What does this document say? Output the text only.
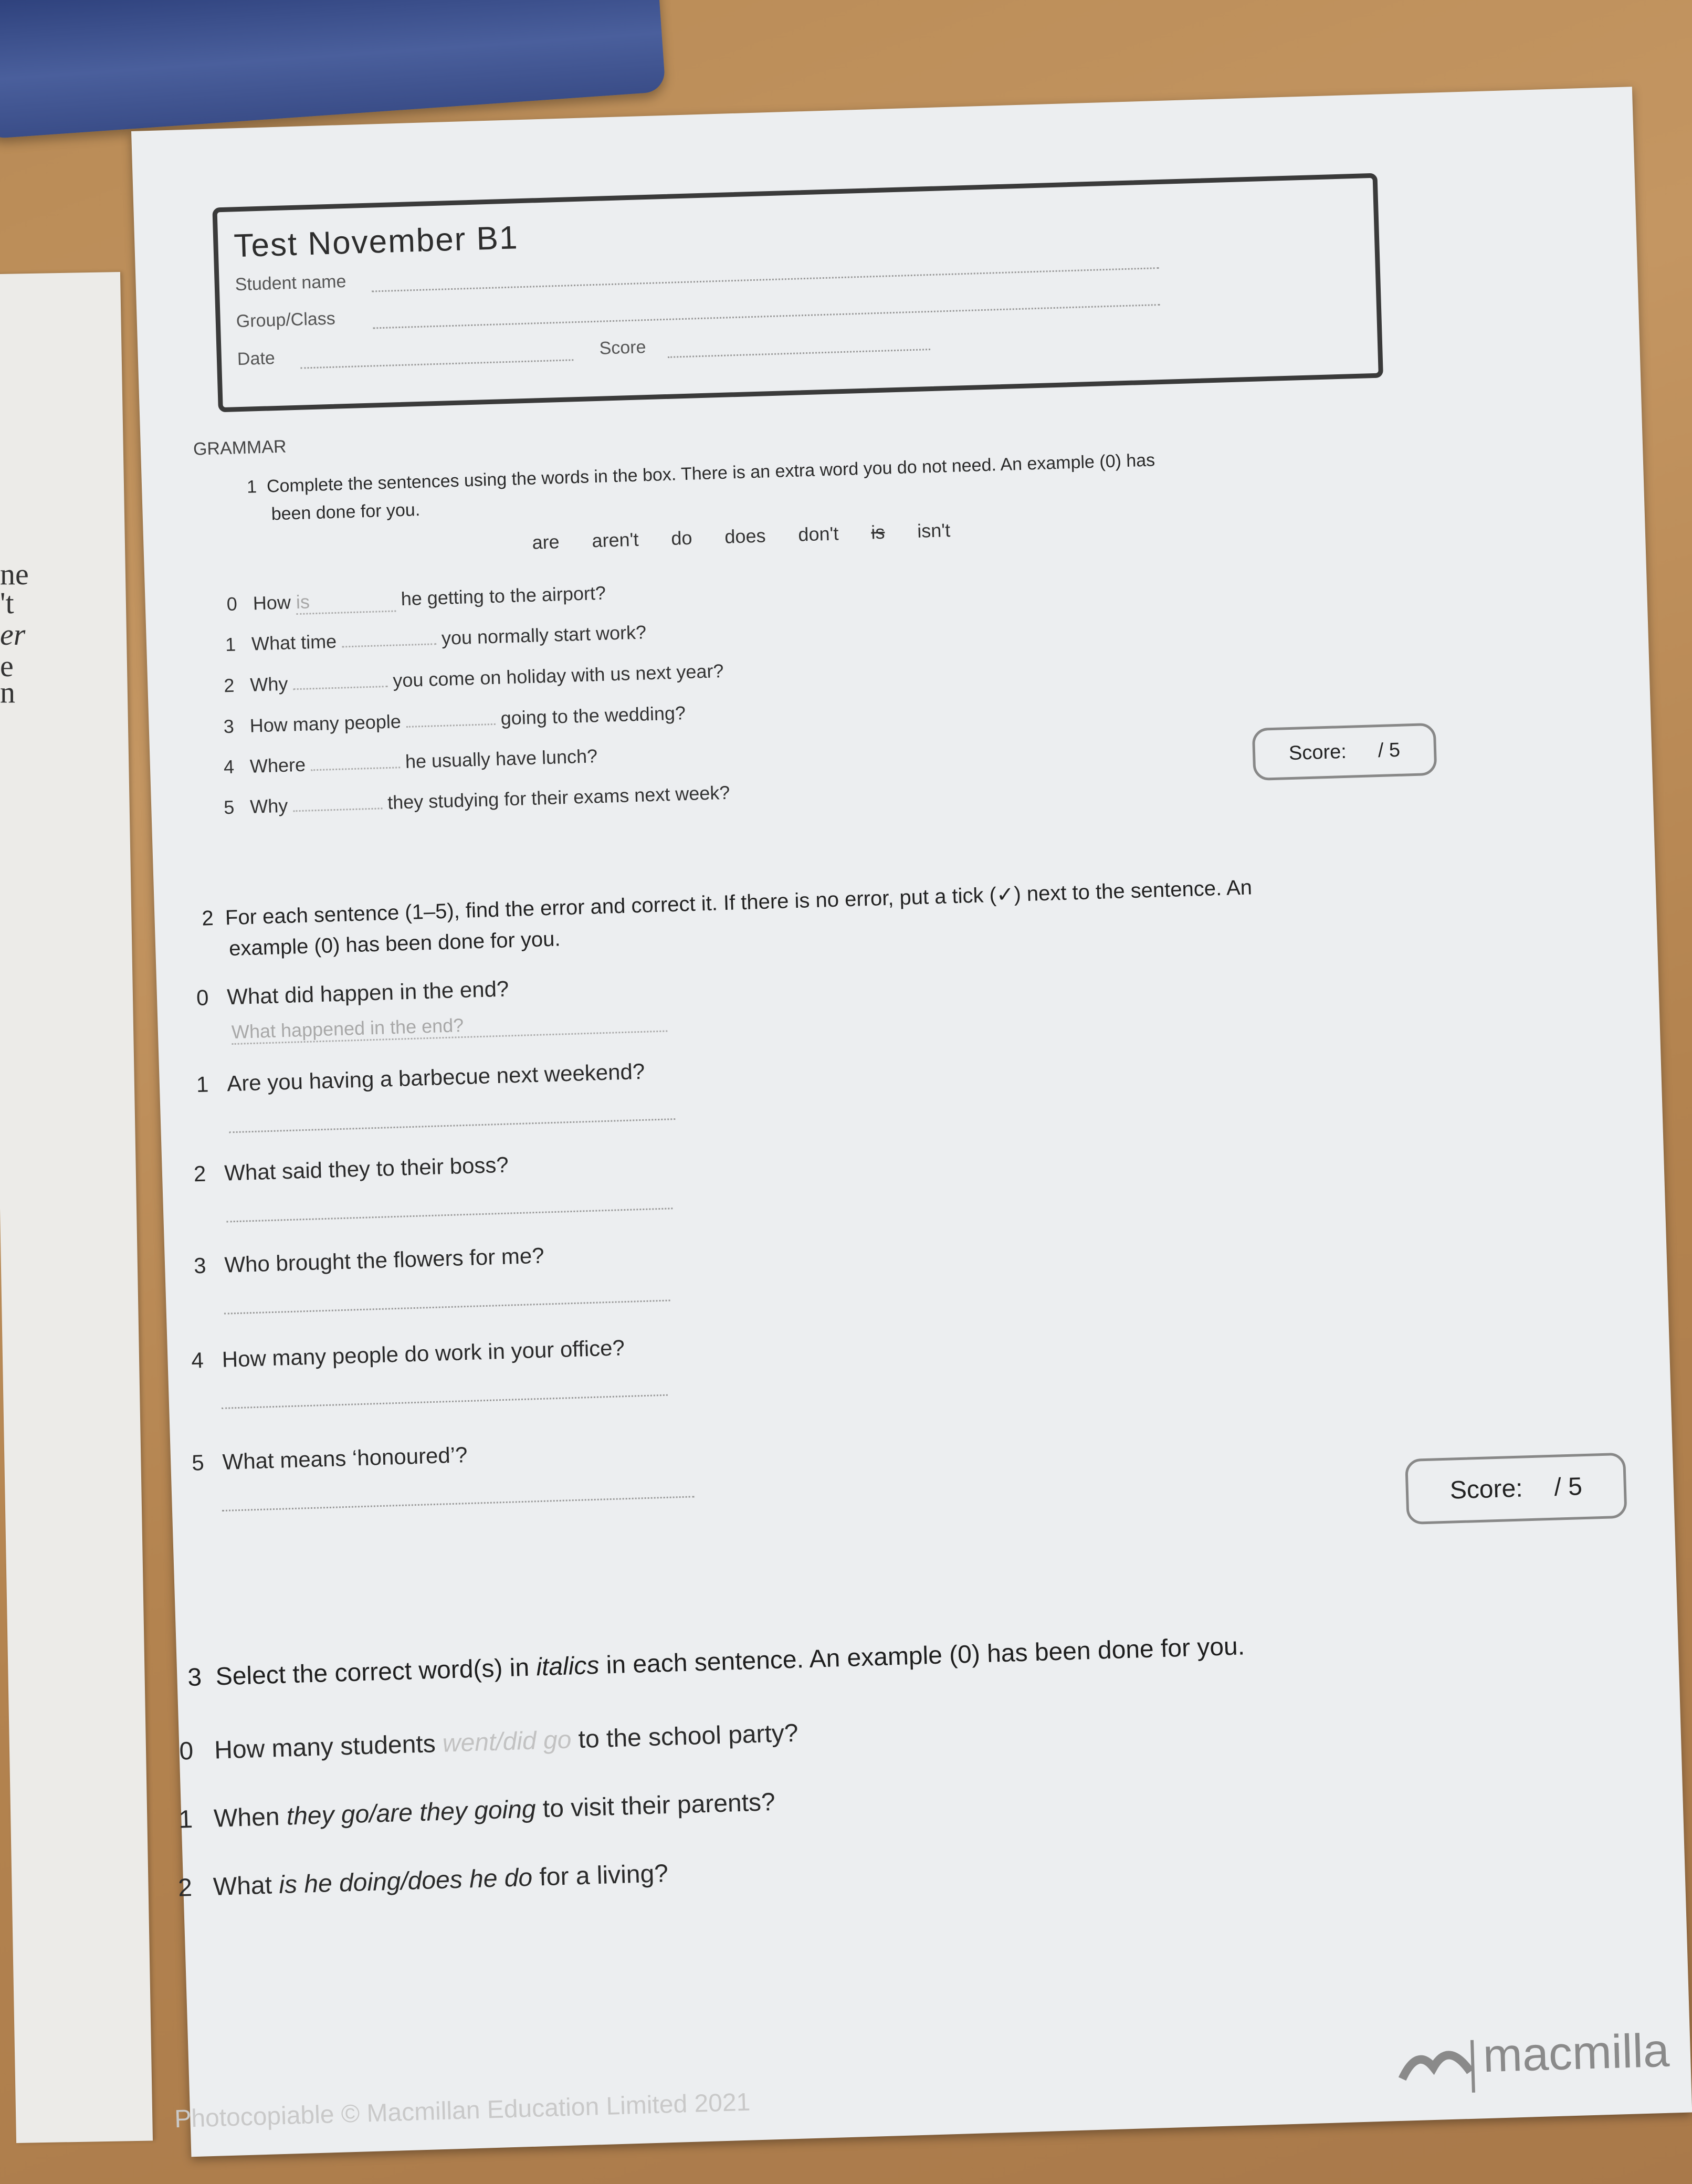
ne
't
er
e
n
Test November B1
Student name
Group/Class
Date
Score
GRAMMAR
1 Complete the sentences using the words in the box. There is an extra word you do not need. An example (0) has
been done for you.
are aren't do does don't is isn't
0 How is	he getting to the airport?
1 What time	you normally start work?
2 Why	you come on holiday with us next year?
3 How many people	going to the wedding?
4 Where	he usually have lunch?
5 Why	they studying for their exams next week?
Score: / 5
2 For each sentence (1–5), find the error and correct it. If there is no error, put a tick (✓) next to the sentence. An
example (0) has been done for you.
0 What did happen in the end?
What happened in the end?
1 Are you having a barbecue next weekend?
2 What said they to their boss?
3 Who brought the flowers for me?
4 How many people do work in your office?
5 What means ‘honoured’?
Score: / 5
3 Select the correct word(s) in italics in each sentence. An example (0) has been done for you.
0 How many students went/did go to the school party?
1 When they go/are they going to visit their parents?
2 What is he doing/does he do for a living?
Photocopiable © Macmillan Education Limited 2021
macmilla
